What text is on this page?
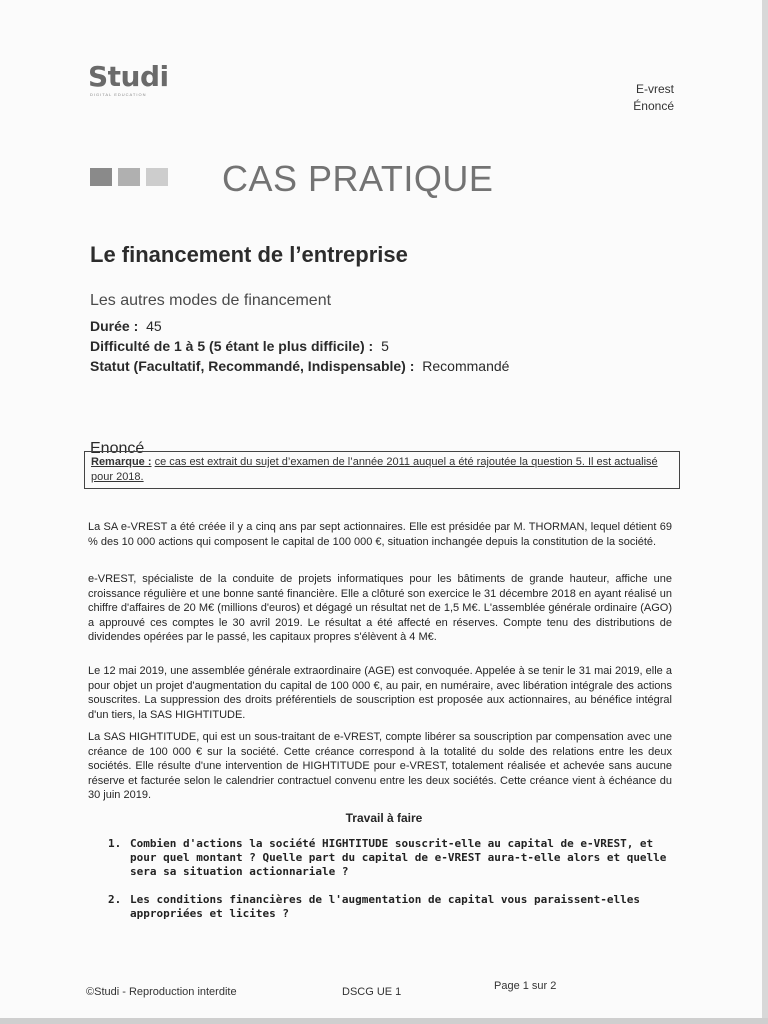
Studi
DIGITAL EDUCATION	E-vrest
Énoncé
CAS PRATIQUE
Le financement de l’entreprise
Les autres modes de financement
Durée : 45
Difficulté de 1 à 5 (5 étant le plus difficile) : 5
Statut (Facultatif, Recommandé, Indispensable) : Recommandé
Enoncé
Remarque : ce cas est extrait du sujet d’examen de l’année 2011 auquel a été rajoutée la question 5. Il est actualisé pour 2018.

La SA e-VREST a été créée il y a cinq ans par sept actionnaires. Elle est présidée par M. THORMAN, lequel détient 69 % des 10 000 actions qui composent le capital de 100 000 €, situation inchangée depuis la constitution de la société.

e-VREST, spécialiste de la conduite de projets informatiques pour les bâtiments de grande hauteur, affiche une croissance régulière et une bonne santé financière. Elle a clôturé son exercice le 31 décembre 2018 en ayant réalisé un chiffre d'affaires de 20 M€ (millions d'euros) et dégagé un résultat net de 1,5 M€. L'assemblée générale ordinaire (AGO) a approuvé ces comptes le 30 avril 2019. Le résultat a été affecté en réserves. Compte tenu des distributions de dividendes opérées par le passé, les capitaux propres s'élèvent à 4 M€.

Le 12 mai 2019, une assemblée générale extraordinaire (AGE) est convoquée. Appelée à se tenir le 31 mai 2019, elle a pour objet un projet d'augmentation du capital de 100 000 €, au pair, en numéraire, avec libération intégrale des actions souscrites. La suppression des droits préférentiels de souscription est proposée aux actionnaires, au bénéfice intégral d'un tiers, la SAS HIGHTITUDE.

La SAS HIGHTITUDE, qui est un sous-traitant de e-VREST, compte libérer sa souscription par compensation avec une créance de 100 000 € sur la société. Cette créance correspond à la totalité du solde des relations entre les deux sociétés. Elle résulte d'une intervention de HIGHTITUDE pour e-VREST, totalement réalisée et achevée sans aucune réserve et facturée selon le calendrier contractuel convenu entre les deux sociétés. Cette créance vient à échéance du 30 juin 2019.

Travail à faire
1. Combien d'actions la société HIGHTITUDE souscrit-elle au capital de e-VREST, et pour quel montant ? Quelle part du capital de e-VREST aura-t-elle alors et quelle sera sa situation actionnariale ?
2. Les conditions financières de l'augmentation de capital vous paraissent-elles appropriées et licites ?
©Studi - Reproduction interdite	DSCG UE 1	Page 1 sur 2
